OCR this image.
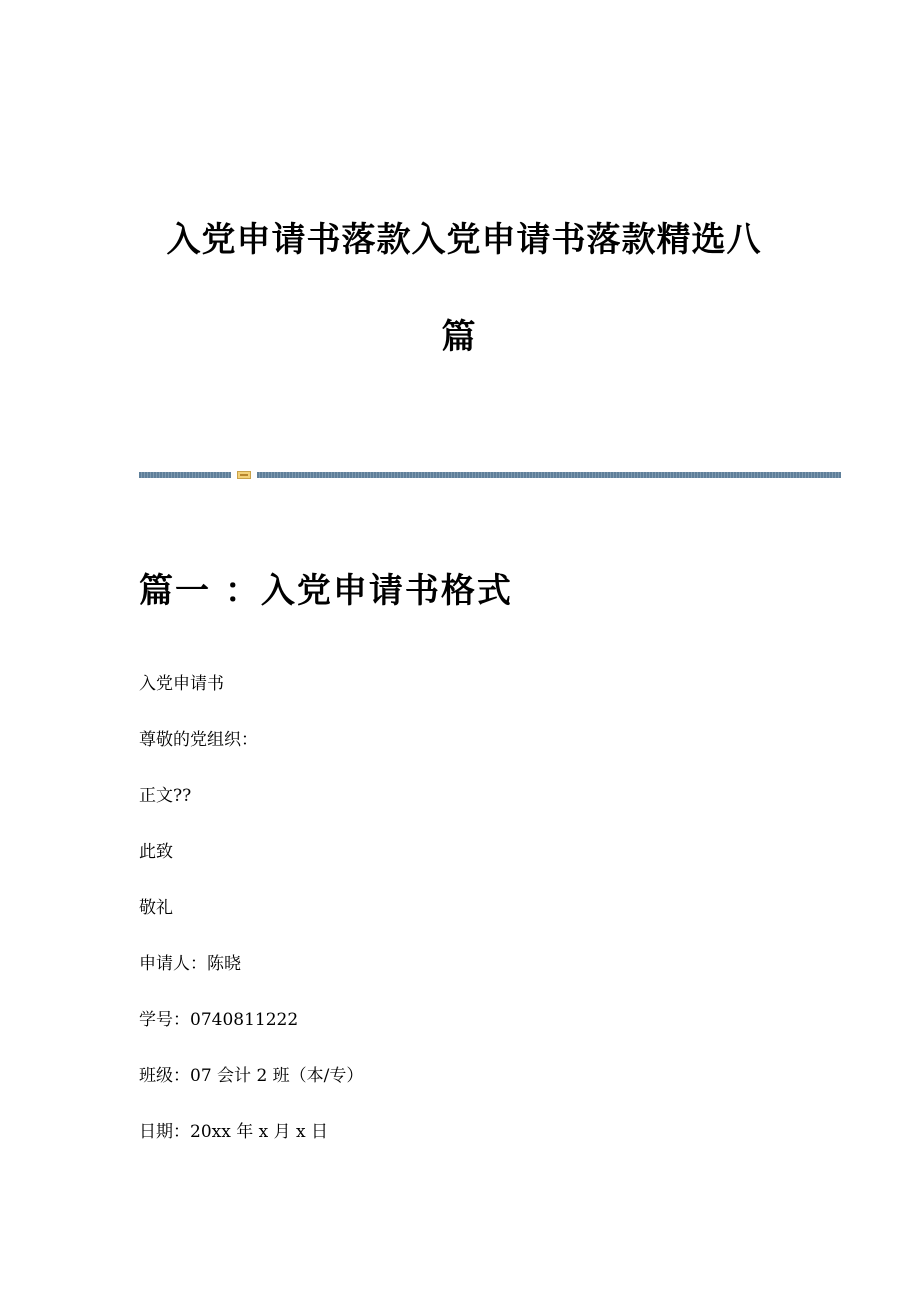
入党申请书落款入党申请书落款精选八
篇
篇一 ：入党申请书格式

入党申请书

尊敬的党组织：

正文??

此致

敬礼

申请人：陈晓

学号：0740811222

班级：07 会计 2 班（本/专）

日期：20xx 年 x 月 x 日
